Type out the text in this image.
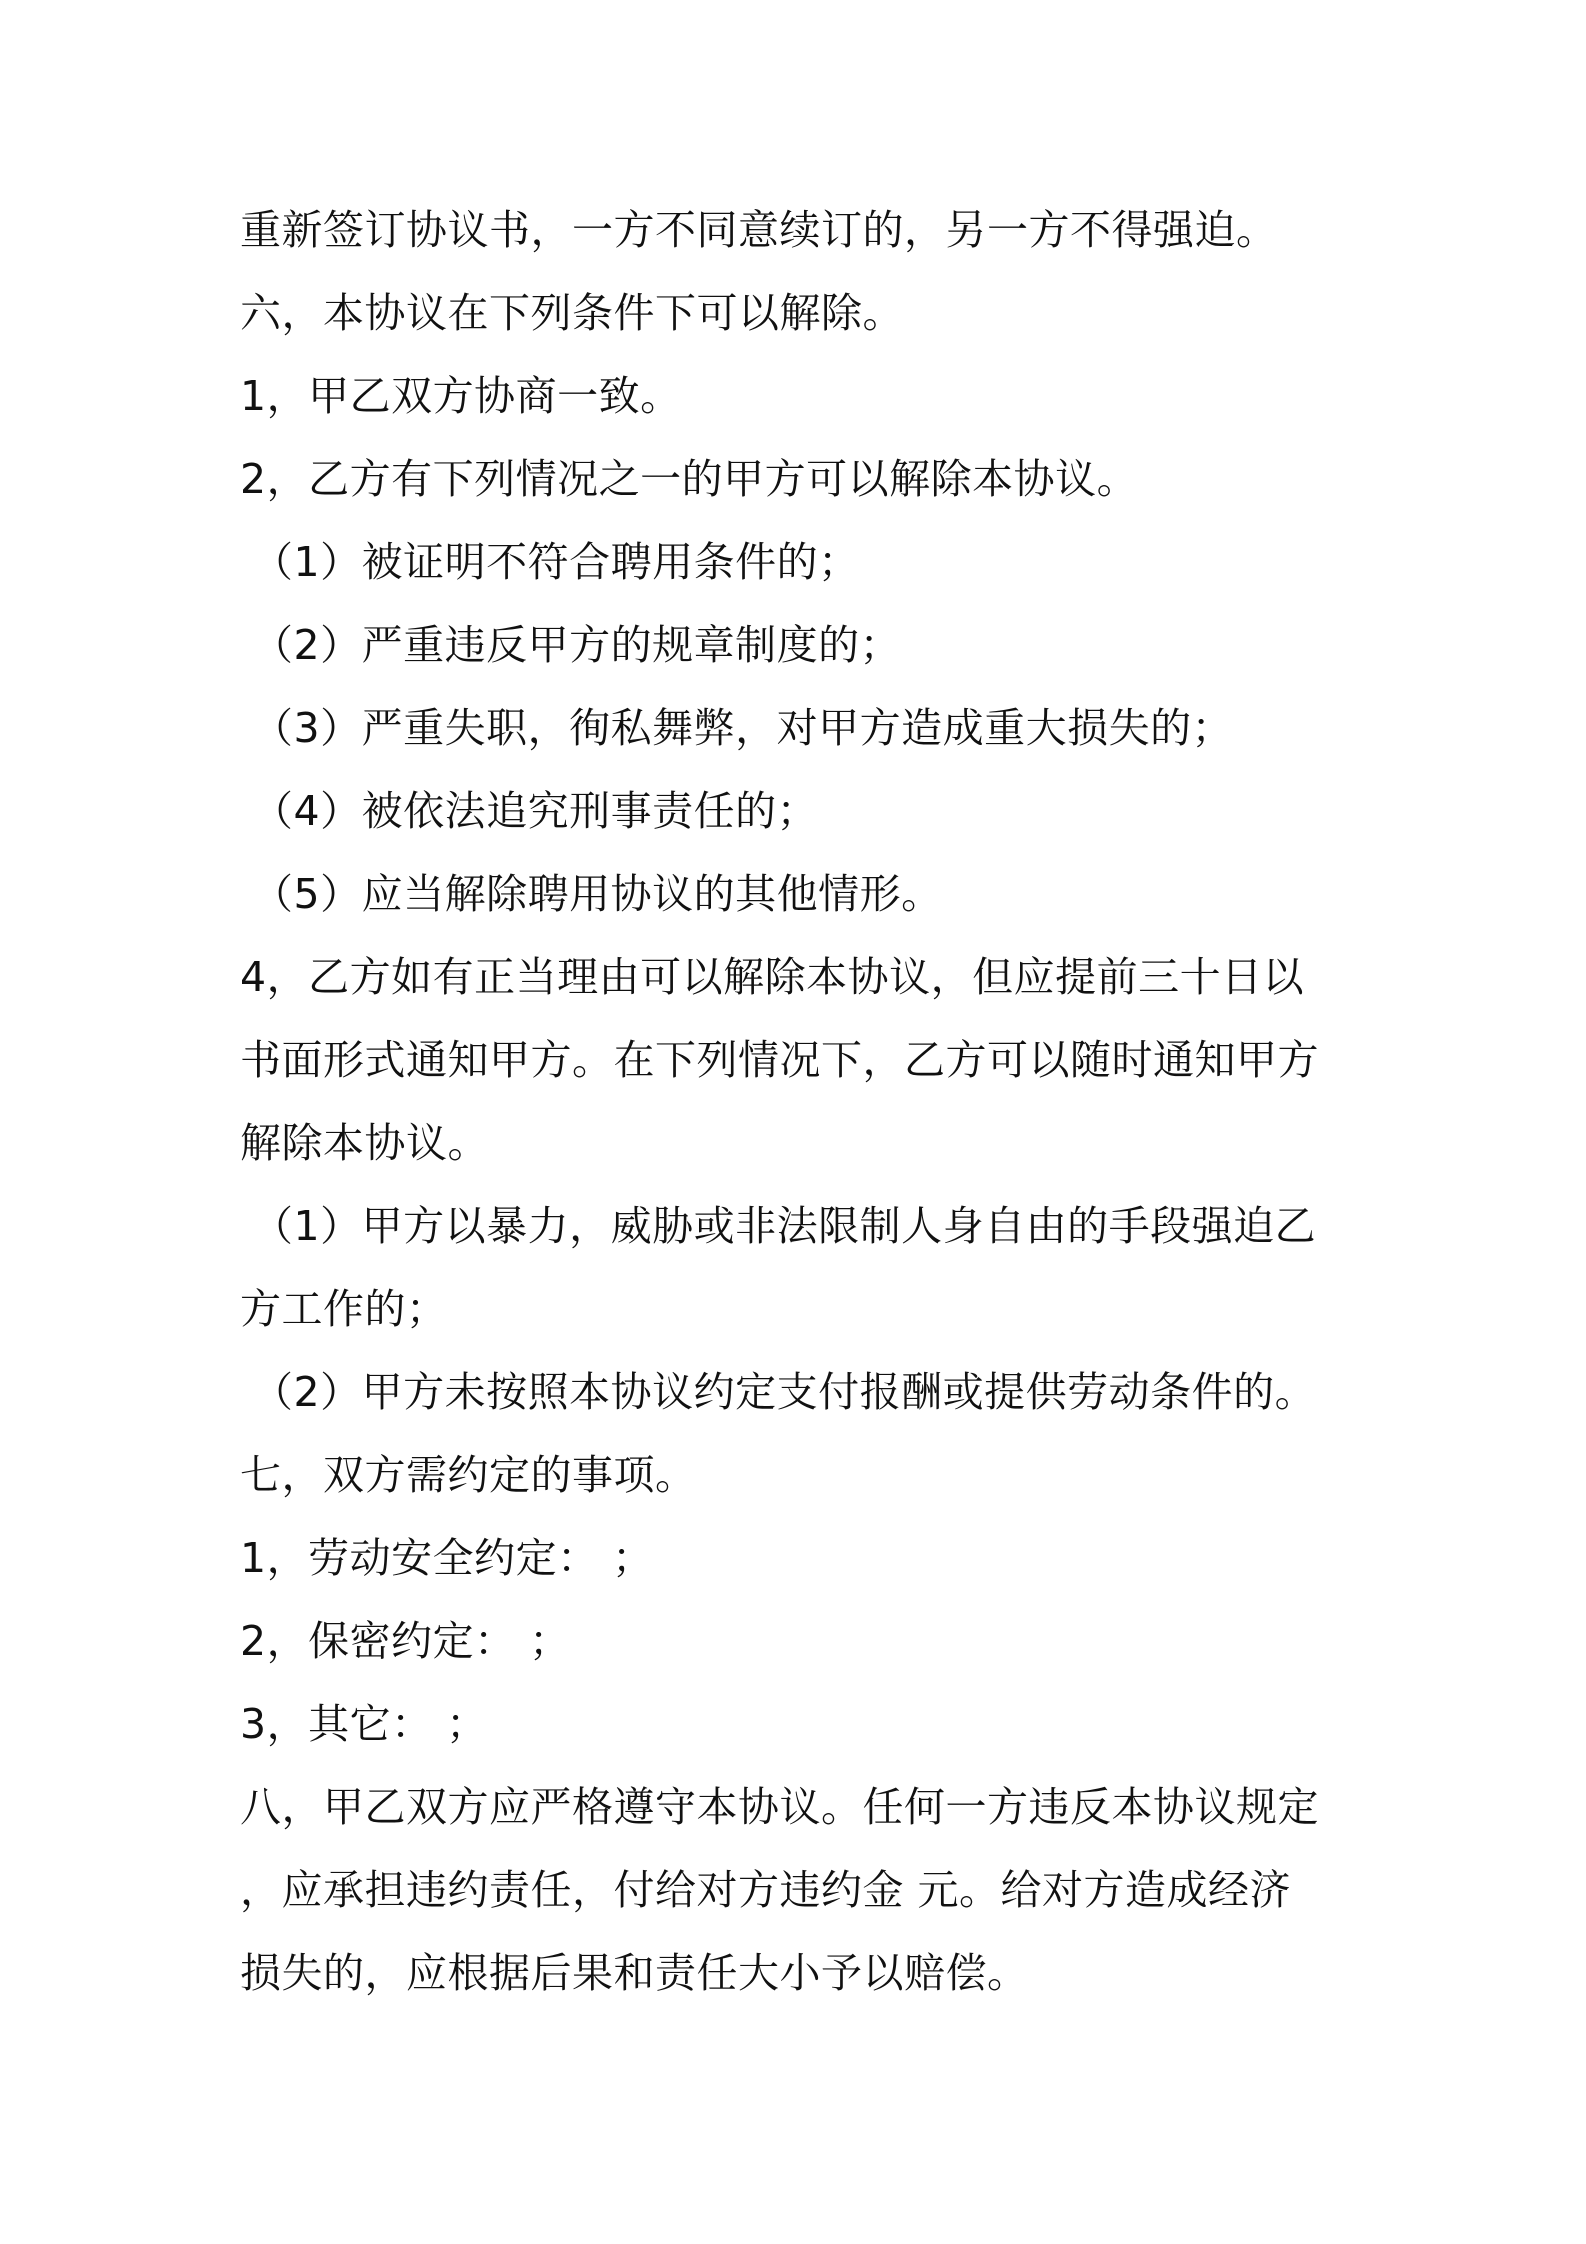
重新签订协议书，一方不同意续订的，另一方不得强迫。
六，本协议在下列条件下可以解除。
1，甲乙双方协商一致。
2，乙方有下列情况之一的甲方可以解除本协议。
（1）被证明不符合聘用条件的；
（2）严重违反甲方的规章制度的；
（3）严重失职，徇私舞弊，对甲方造成重大损失的；
（4）被依法追究刑事责任的；
（5）应当解除聘用协议的其他情形。
4，乙方如有正当理由可以解除本协议，但应提前三十日以
书面形式通知甲方。在下列情况下，乙方可以随时通知甲方
解除本协议。
（1）甲方以暴力，威胁或非法限制人身自由的手段强迫乙
方工作的；
（2）甲方未按照本协议约定支付报酬或提供劳动条件的。
七，双方需约定的事项。
1，劳动安全约定： ；
2，保密约定： ；
3，其它： ；
八，甲乙双方应严格遵守本协议。任何一方违反本协议规定
，应承担违约责任，付给对方违约金 元。给对方造成经济
损失的，应根据后果和责任大小予以赔偿。
